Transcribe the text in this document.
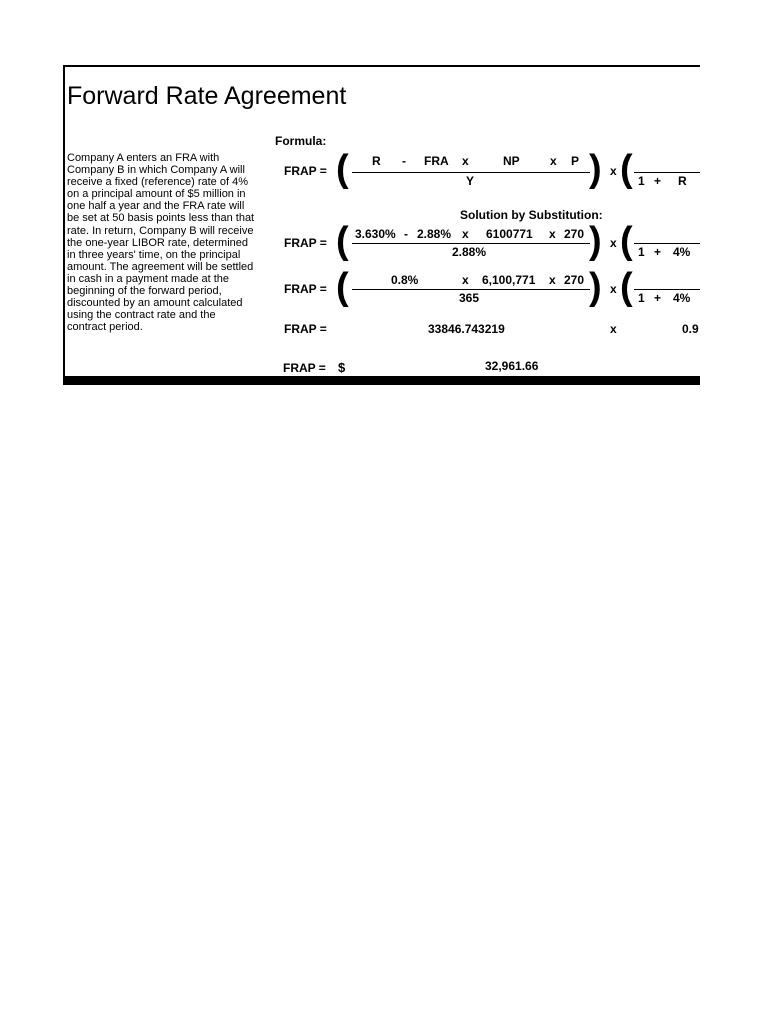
Forward Rate Agreement
Company A enters an FRA with Company B in which Company A will receive a fixed (reference) rate of 4% on a principal amount of $5 million in one half a year and the FRA rate will be set at 50 basis points less than that rate. In return, Company B will receive the one-year LIBOR rate, determined in three years' time, on the principal amount. The agreement will be settled in cash in a payment made at the beginning of the forward period, discounted by an amount calculated using the contract rate and the contract period.
Formula:
FRAP = ( R - FRA x	NP	x P
Y	) x ( 1 + R
Solution by Substitution:
FRAP = ( 3.630% - 2.88% x 6100771 x 270
2.88%	) x ( 1 + 4%
FRAP = (	0.8%	x 6,100,771 x 270
365	) x ( 1 + 4%
FRAP =	33846.743219	x	0.9
FRAP = $	32,961.66
